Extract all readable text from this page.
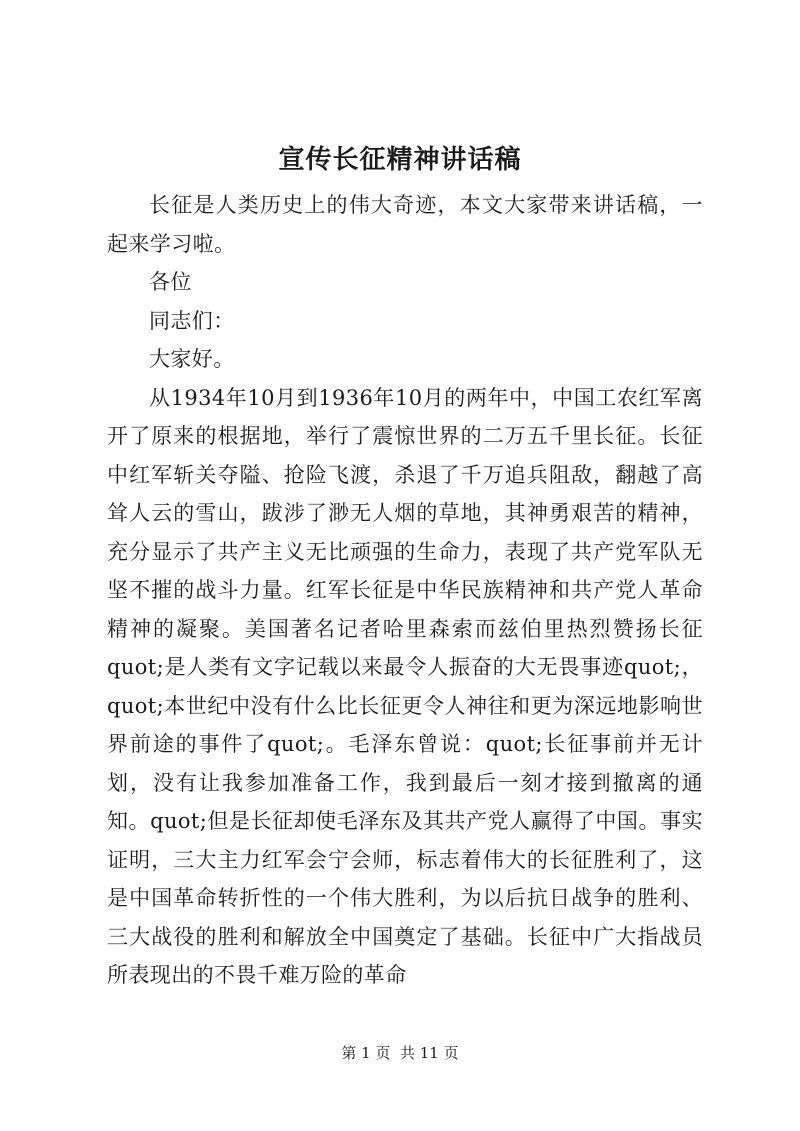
宣传长征精神讲话稿

长征是人类历史上的伟大奇迹，本文大家带来讲话稿，一起来学习啦。

各位

同志们：

大家好。

从1934年10月到1936年10月的两年中，中国工农红军离开了原来的根据地，举行了震惊世界的二万五千里长征。长征中红军斩关夺隘、抢险飞渡，杀退了千万追兵阻敌，翻越了高耸人云的雪山，跋涉了渺无人烟的草地，其神勇艰苦的精神，充分显示了共产主义无比顽强的生命力，表现了共产党军队无坚不摧的战斗力量。红军长征是中华民族精神和共产党人革命精神的凝聚。美国著名记者哈里森索而兹伯里热烈赞扬长征quot;是人类有文字记载以来最令人振奋的大无畏事迹quot;，quot;本世纪中没有什么比长征更令人神往和更为深远地影响世界前途的事件了quot;。毛泽东曾说：quot;长征事前并无计划，没有让我参加准备工作，我到最后一刻才接到撤离的通知。quot;但是长征却使毛泽东及其共产党人赢得了中国。事实证明，三大主力红军会宁会师，标志着伟大的长征胜利了，这是中国革命转折性的一个伟大胜利，为以后抗日战争的胜利、三大战役的胜利和解放全中国奠定了基础。长征中广大指战员所表现出的不畏千难万险的革命

第 1 页  共 11 页
